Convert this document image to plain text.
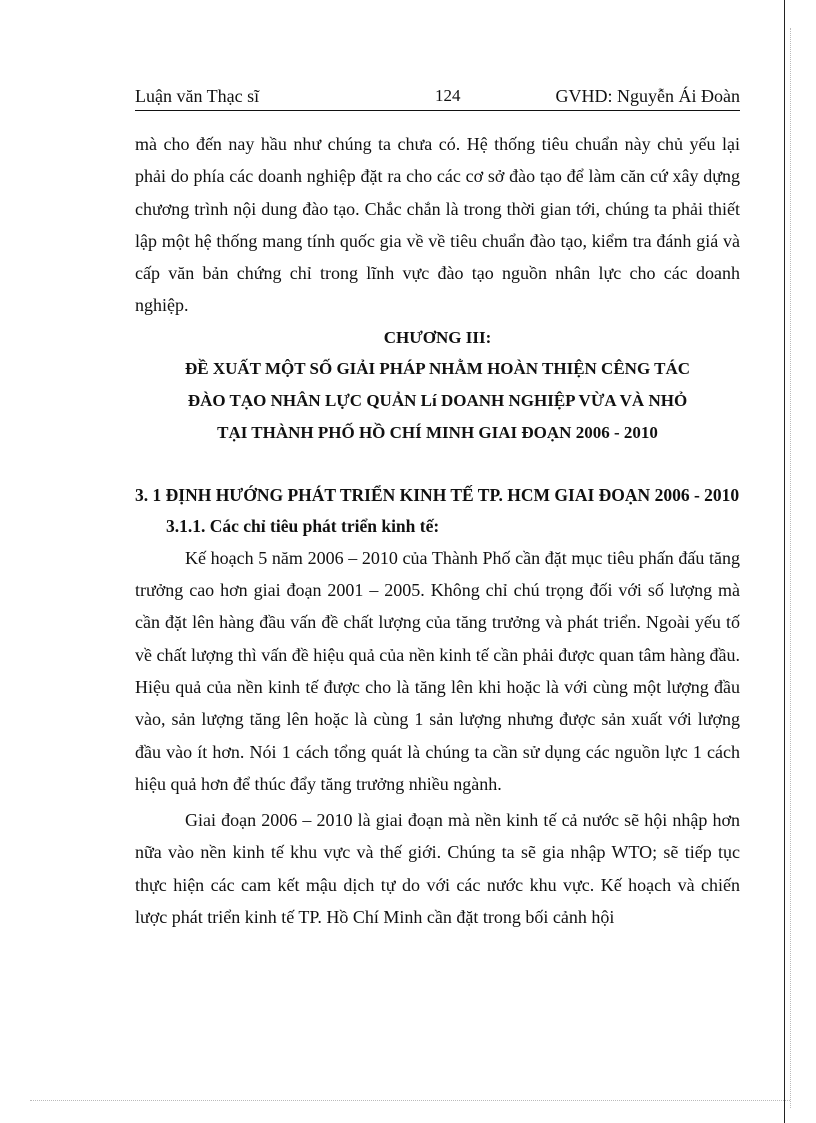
Luận văn Thạc sĩ	124	GVHD: Nguyễn Ái Đoàn

mà cho đến nay hầu như chúng ta chưa có. Hệ thống tiêu chuẩn này chủ yếu lại phải do phía các doanh nghiệp đặt ra cho các cơ sở đào tạo để làm căn cứ xây dựng chương trình nội dung đào tạo. Chắc chắn là trong thời gian tới, chúng ta phải thiết lập một hệ thống mang tính quốc gia về về tiêu chuẩn đào tạo, kiểm tra đánh giá và cấp văn bản chứng chỉ trong lĩnh vực đào tạo nguồn nhân lực cho các doanh nghiệp.

CHƯƠNG III:

ĐỀ XUẤT MỘT SỐ GIẢI PHÁP NHẰM HOÀN THIỆN CÊNG TÁC

ĐÀO TẠO NHÂN LỰC QUẢN Lí DOANH NGHIỆP VỪA VÀ NHỎ

TẠI THÀNH PHỐ HỒ CHÍ MINH GIAI ĐOẠN 2006 - 2010

3. 1 ĐỊNH HƯỚNG PHÁT TRIỂN KINH TẾ TP. HCM GIAI ĐOẠN 2006 - 2010

3.1.1. Các chỉ tiêu phát triển kinh tế:

Kế hoạch 5 năm 2006 – 2010 của Thành Phố cần đặt mục tiêu phấn đấu tăng trưởng cao hơn giai đoạn 2001 – 2005. Không chỉ chú trọng đối với số lượng mà cần đặt lên hàng đầu vấn đề chất lượng của tăng trưởng và phát triển. Ngoài yếu tố về chất lượng thì vấn đề hiệu quả của nền kinh tế cần phải được quan tâm hàng đầu. Hiệu quả của nền kinh tế được cho là tăng lên khi hoặc là với cùng một lượng đầu vào, sản lượng tăng lên hoặc là cùng 1 sản lượng nhưng được sản xuất với lượng đầu vào ít hơn. Nói 1 cách tổng quát là chúng ta cần sử dụng các nguồn lực 1 cách hiệu quả hơn để thúc đẩy tăng trưởng nhiều ngành.

Giai đoạn 2006 – 2010 là giai đoạn mà nền kinh tế cả nước sẽ hội nhập hơn nữa vào nền kinh tế khu vực và thế giới. Chúng ta sẽ gia nhập WTO; sẽ tiếp tục thực hiện các cam kết mậu dịch tự do với các nước khu vực. Kế hoạch và chiến lược phát triển kinh tế TP. Hồ Chí Minh cần đặt trong bối cảnh hội
